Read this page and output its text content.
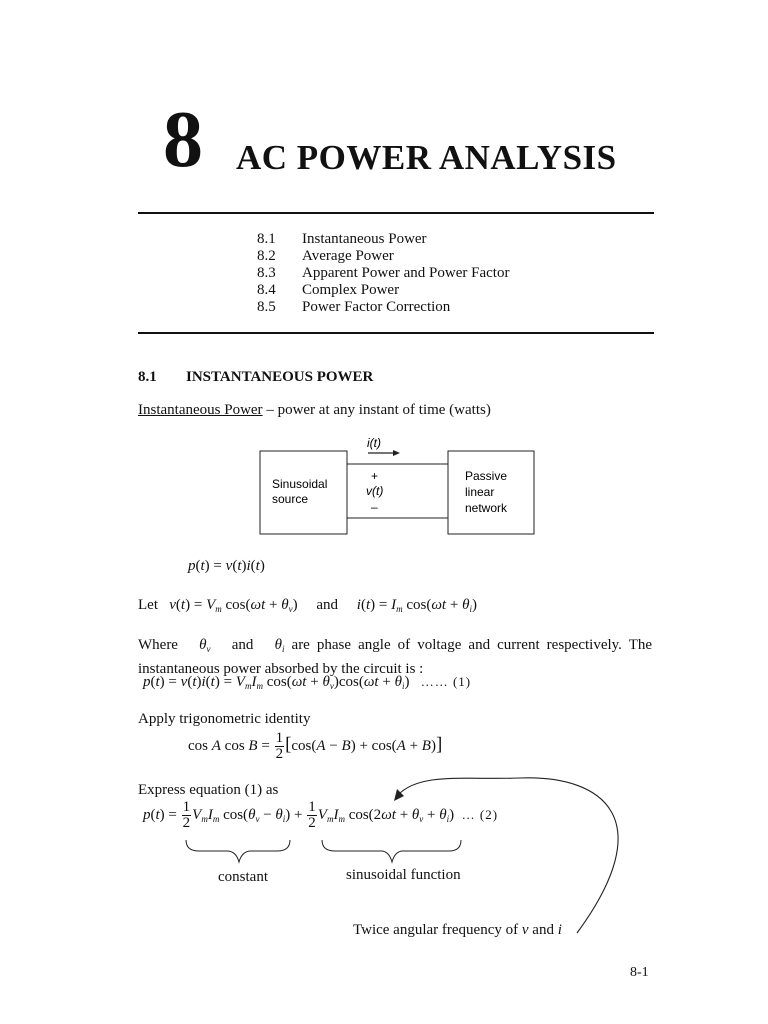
8 AC POWER ANALYSIS
8.1	Instantaneous Power
8.2	Average Power
8.3	Apparent Power and Power Factor
8.4	Complex Power
8.5	Power Factor Correction
8.1	INSTANTANEOUS POWER
Instantaneous Power – power at any instant of time (watts)
i(t)
Sinusoidal
source
+
v(t)
–
Passive
linear
network
p(t) = v(t)i(t)
Let $v(t) = V_m$ $\cos(\omega t + \theta_v)$     and $i(t) = I_m$ $\cos(\omega t + \theta_i)$
Where $\theta_v$ and $\theta_i$ are phase angle of voltage and current respectively. The instantaneous power absorbed by the circuit is :
$p(t) = v(t)i(t) = V_mI_m$ $\cos(\omega t + \theta_v)\cos(\omega t + \theta_i)$   …… (1)
Apply trigonometric identity
cos A $\cos B = \frac{1}{2} [\cos(A - B) + \cos(A + B)]$
Express equation (1) as
$p(t) = \frac{1}{2} V_mI_m$ $\cos(\theta_v - \theta_i) + \frac{1}{2} V_mI_m$ $\cos(2\omega t + \theta_v + \theta_i)$  … (2)
constant	sinusoidal function
Twice angular frequency of v and i
8-1
